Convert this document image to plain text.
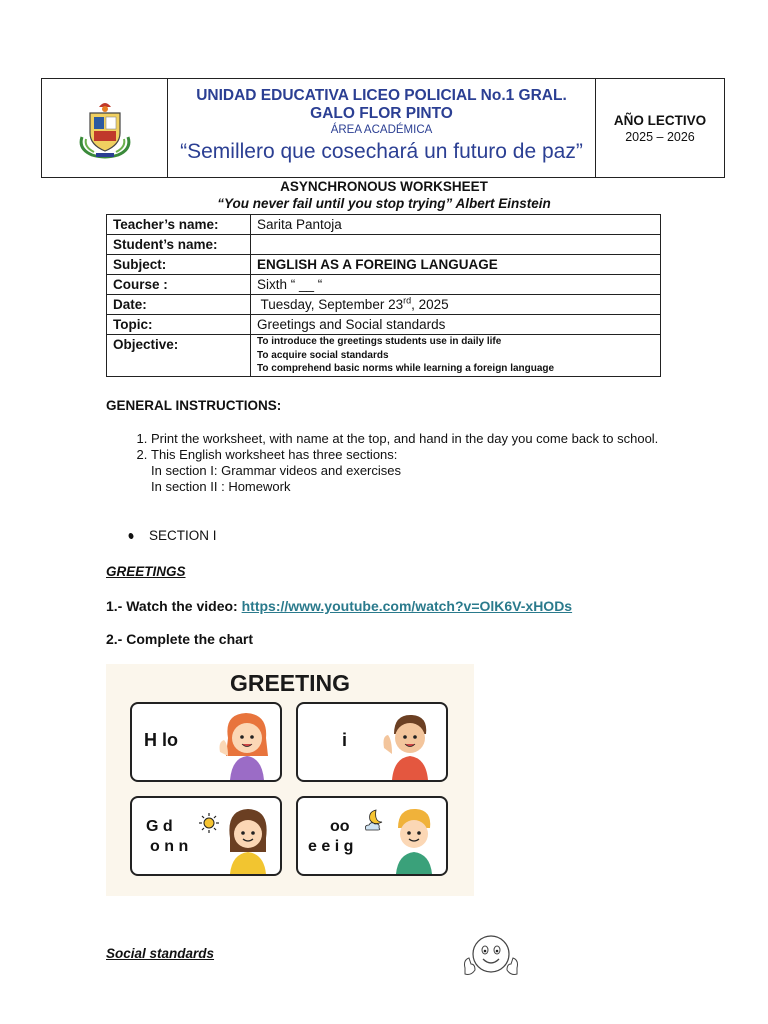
UNIDAD EDUCATIVA LICEO POLICIAL No.1 GRAL.
GALO FLOR PINTO
ÁREA ACADÉMICA
“Semillero que cosechará un futuro de paz”
AÑO LECTIVO
2025 – 2026
ASYNCHRONOUS WORKSHEET
“You never fail until you stop trying” Albert Einstein
Teacher’s name:	Sarita Pantoja
Student’s name:	
Subject:	ENGLISH AS A FOREING LANGUAGE
Course :	Sixth “ __ “
Date:	Tuesday, September 23rd, 2025
Topic:	Greetings and Social standards
Objective:	To introduce the greetings students use in daily life
To acquire social standards
To comprehend basic norms while learning a foreign language
GENERAL INSTRUCTIONS:
1. Print the worksheet, with name at the top, and hand in the day you come back to school.
2. This English worksheet has three sections:
In section I: Grammar videos and exercises
In section II : Homework
SECTION I
GREETINGS
1.- Watch the video: https://www.youtube.com/watch?v=OlK6V-xHODs
2.- Complete the chart
GREETING
H lo	i
G d
o n n
oo
e e i g
Social standards
